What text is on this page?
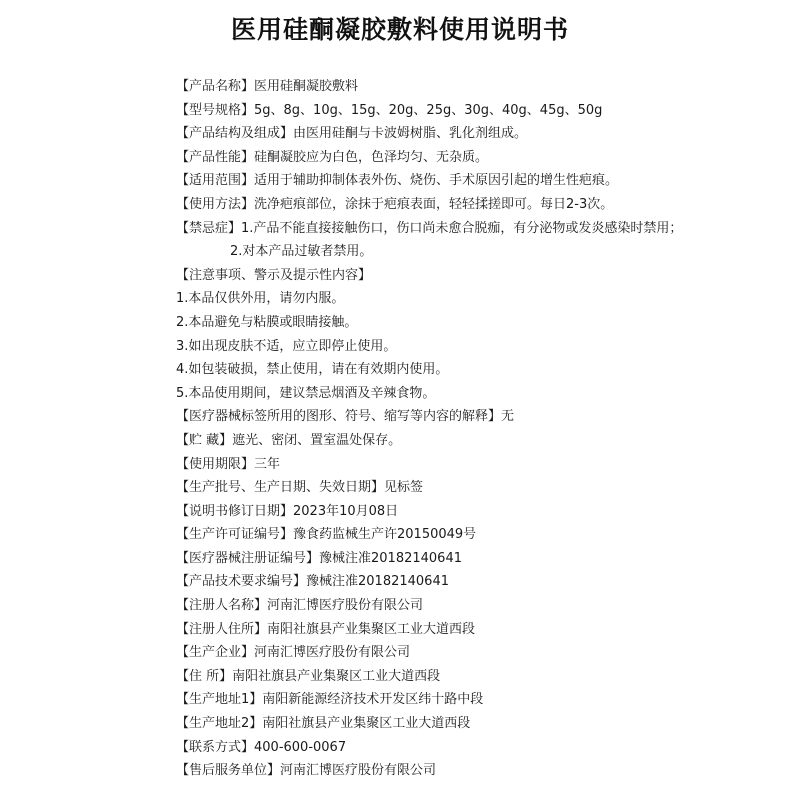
医用硅酮凝胶敷料使用说明书
【产品名称】医用硅酮凝胶敷料
【型号规格】5g、8g、10g、15g、20g、25g、30g、40g、45g、50g
【产品结构及组成】由医用硅酮与卡波姆树脂、乳化剂组成。
【产品性能】硅酮凝胶应为白色，色泽均匀、无杂质。
【适用范围】适用于辅助抑制体表外伤、烧伤、手术原因引起的增生性疤痕。
【使用方法】洗净疤痕部位，涂抹于疤痕表面，轻轻揉搓即可。每日2-3次。
【禁忌症】1.产品不能直接接触伤口，伤口尚未愈合脱痂，有分泌物或发炎感染时禁用；
2.对本产品过敏者禁用。
【注意事项、警示及提示性内容】
1.本品仅供外用，请勿内服。
2.本品避免与粘膜或眼睛接触。
3.如出现皮肤不适，应立即停止使用。
4.如包装破损，禁止使用，请在有效期内使用。
5.本品使用期间，建议禁忌烟酒及辛辣食物。
【医疗器械标签所用的图形、符号、缩写等内容的解释】无
【贮 藏】遮光、密闭、置室温处保存。
【使用期限】三年
【生产批号、生产日期、失效日期】见标签
【说明书修订日期】2023年10月08日
【生产许可证编号】豫食药监械生产许20150049号
【医疗器械注册证编号】豫械注准20182140641
【产品技术要求编号】豫械注准20182140641
【注册人名称】河南汇博医疗股份有限公司
【注册人住所】南阳社旗县产业集聚区工业大道西段
【生产企业】河南汇博医疗股份有限公司
【住 所】南阳社旗县产业集聚区工业大道西段
【生产地址1】南阳新能源经济技术开发区纬十路中段
【生产地址2】南阳社旗县产业集聚区工业大道西段
【联系方式】400-600-0067
【售后服务单位】河南汇博医疗股份有限公司
